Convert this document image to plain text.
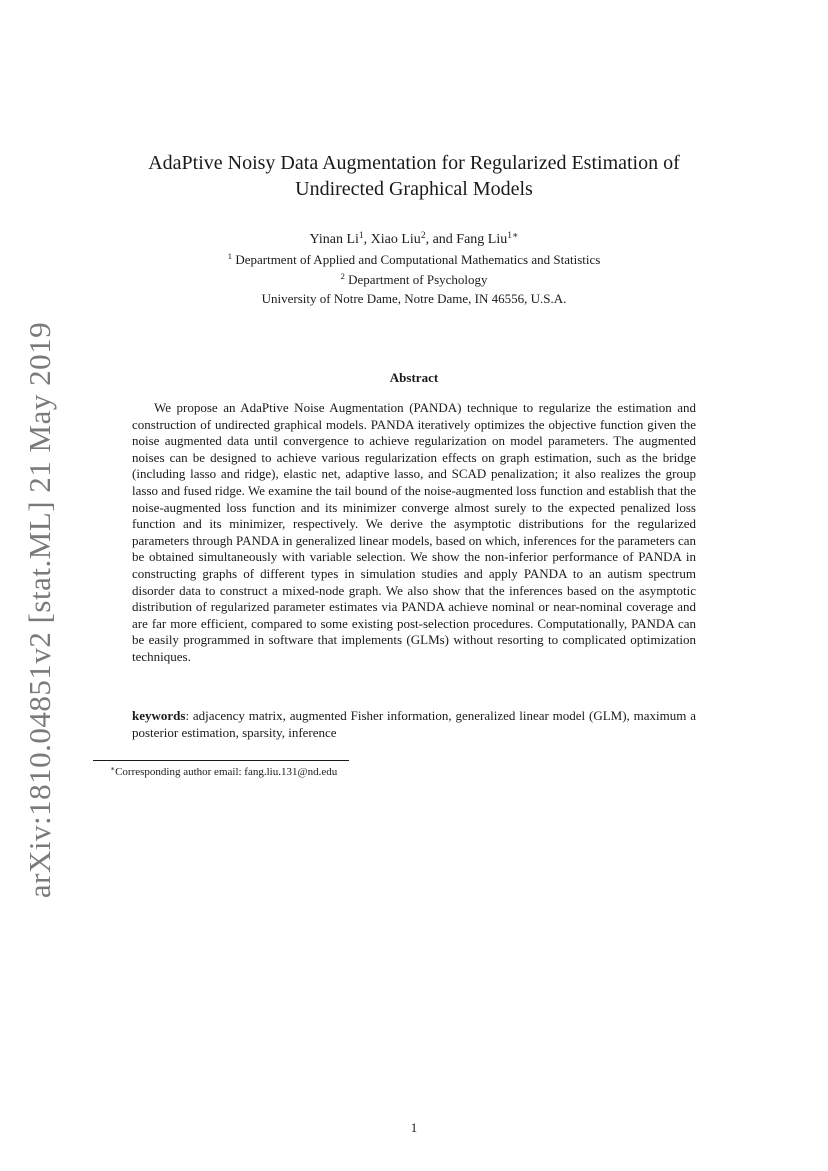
arXiv:1810.04851v2 [stat.ML] 21 May 2019
AdaPtive Noisy Data Augmentation for Regularized Estimation of
Undirected Graphical Models
Yinan Li$^1$, Xiao Liu$^2$, and Fang Liu$^{1∗}$
$^1$ Department of Applied and Computational Mathematics and Statistics
$^2$ Department of Psychology
University of Notre Dame, Notre Dame, IN 46556, U.S.A.
Abstract

We propose an AdaPtive Noise Augmentation (PANDA) technique to regularize the estimation and construction of undirected graphical models. PANDA iteratively optimizes the objective function given the noise augmented data until convergence to achieve regularization on model parameters. The augmented noises can be designed to achieve various regularization effects on graph estimation, such as the bridge (including lasso and ridge), elastic net, adaptive lasso, and SCAD penalization; it also realizes the group lasso and fused ridge. We examine the tail bound of the noise-augmented loss function and establish that the noise-augmented loss function and its minimizer converge almost surely to the expected penalized loss function and its minimizer, respectively. We derive the asymptotic distributions for the regularized parameters through PANDA in generalized linear models, based on which, inferences for the parameters can be obtained simultaneously with variable selection. We show the non-inferior performance of PANDA in constructing graphs of different types in simulation studies and apply PANDA to an autism spectrum disorder data to construct a mixed-node graph. We also show that the inferences based on the asymptotic distribution of regularized parameter estimates via PANDA achieve nominal or near-nominal coverage and are far more efficient, compared to some existing post-selection procedures. Computationally, PANDA can be easily programmed in software that implements (GLMs) without resorting to complicated optimization techniques.

keywords: adjacency matrix, augmented Fisher information, generalized linear model (GLM), maximum a posterior estimation, sparsity, inference

∗Corresponding author email: fang.liu.131@nd.edu
1
